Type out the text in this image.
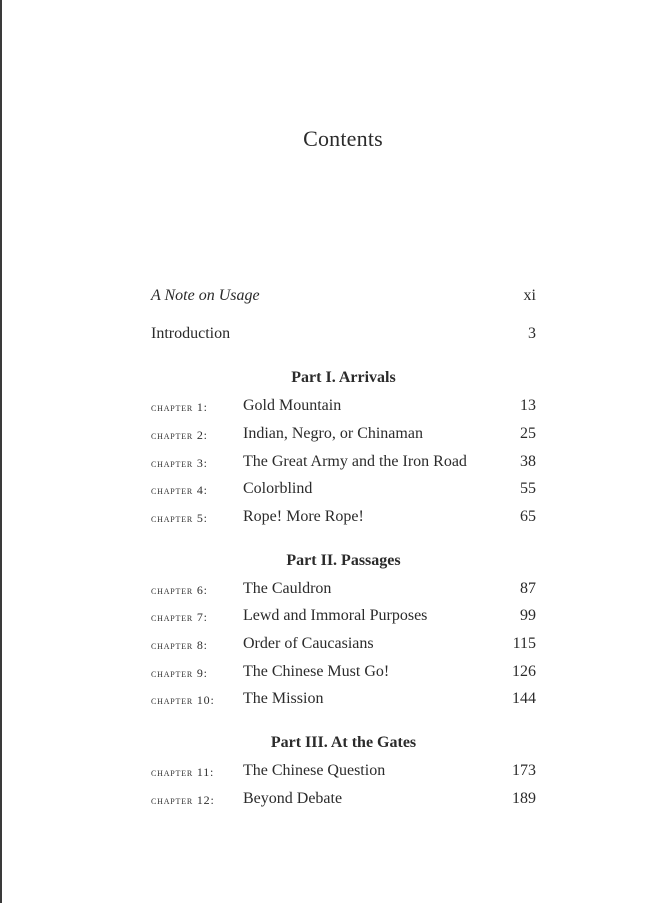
Contents
A Note on Usage	xi
Introduction	3
Part I. Arrivals
chapter 1: Gold Mountain	13
chapter 2: Indian, Negro, or Chinaman	25
chapter 3: The Great Army and the Iron Road	38
chapter 4: Colorblind	55
chapter 5: Rope! More Rope!	65
Part II. Passages
chapter 6: The Cauldron	87
chapter 7: Lewd and Immoral Purposes	99
chapter 8: Order of Caucasians	115
chapter 9: The Chinese Must Go!	126
chapter 10: The Mission	144
Part III. At the Gates
chapter 11: The Chinese Question	173
chapter 12: Beyond Debate	189
